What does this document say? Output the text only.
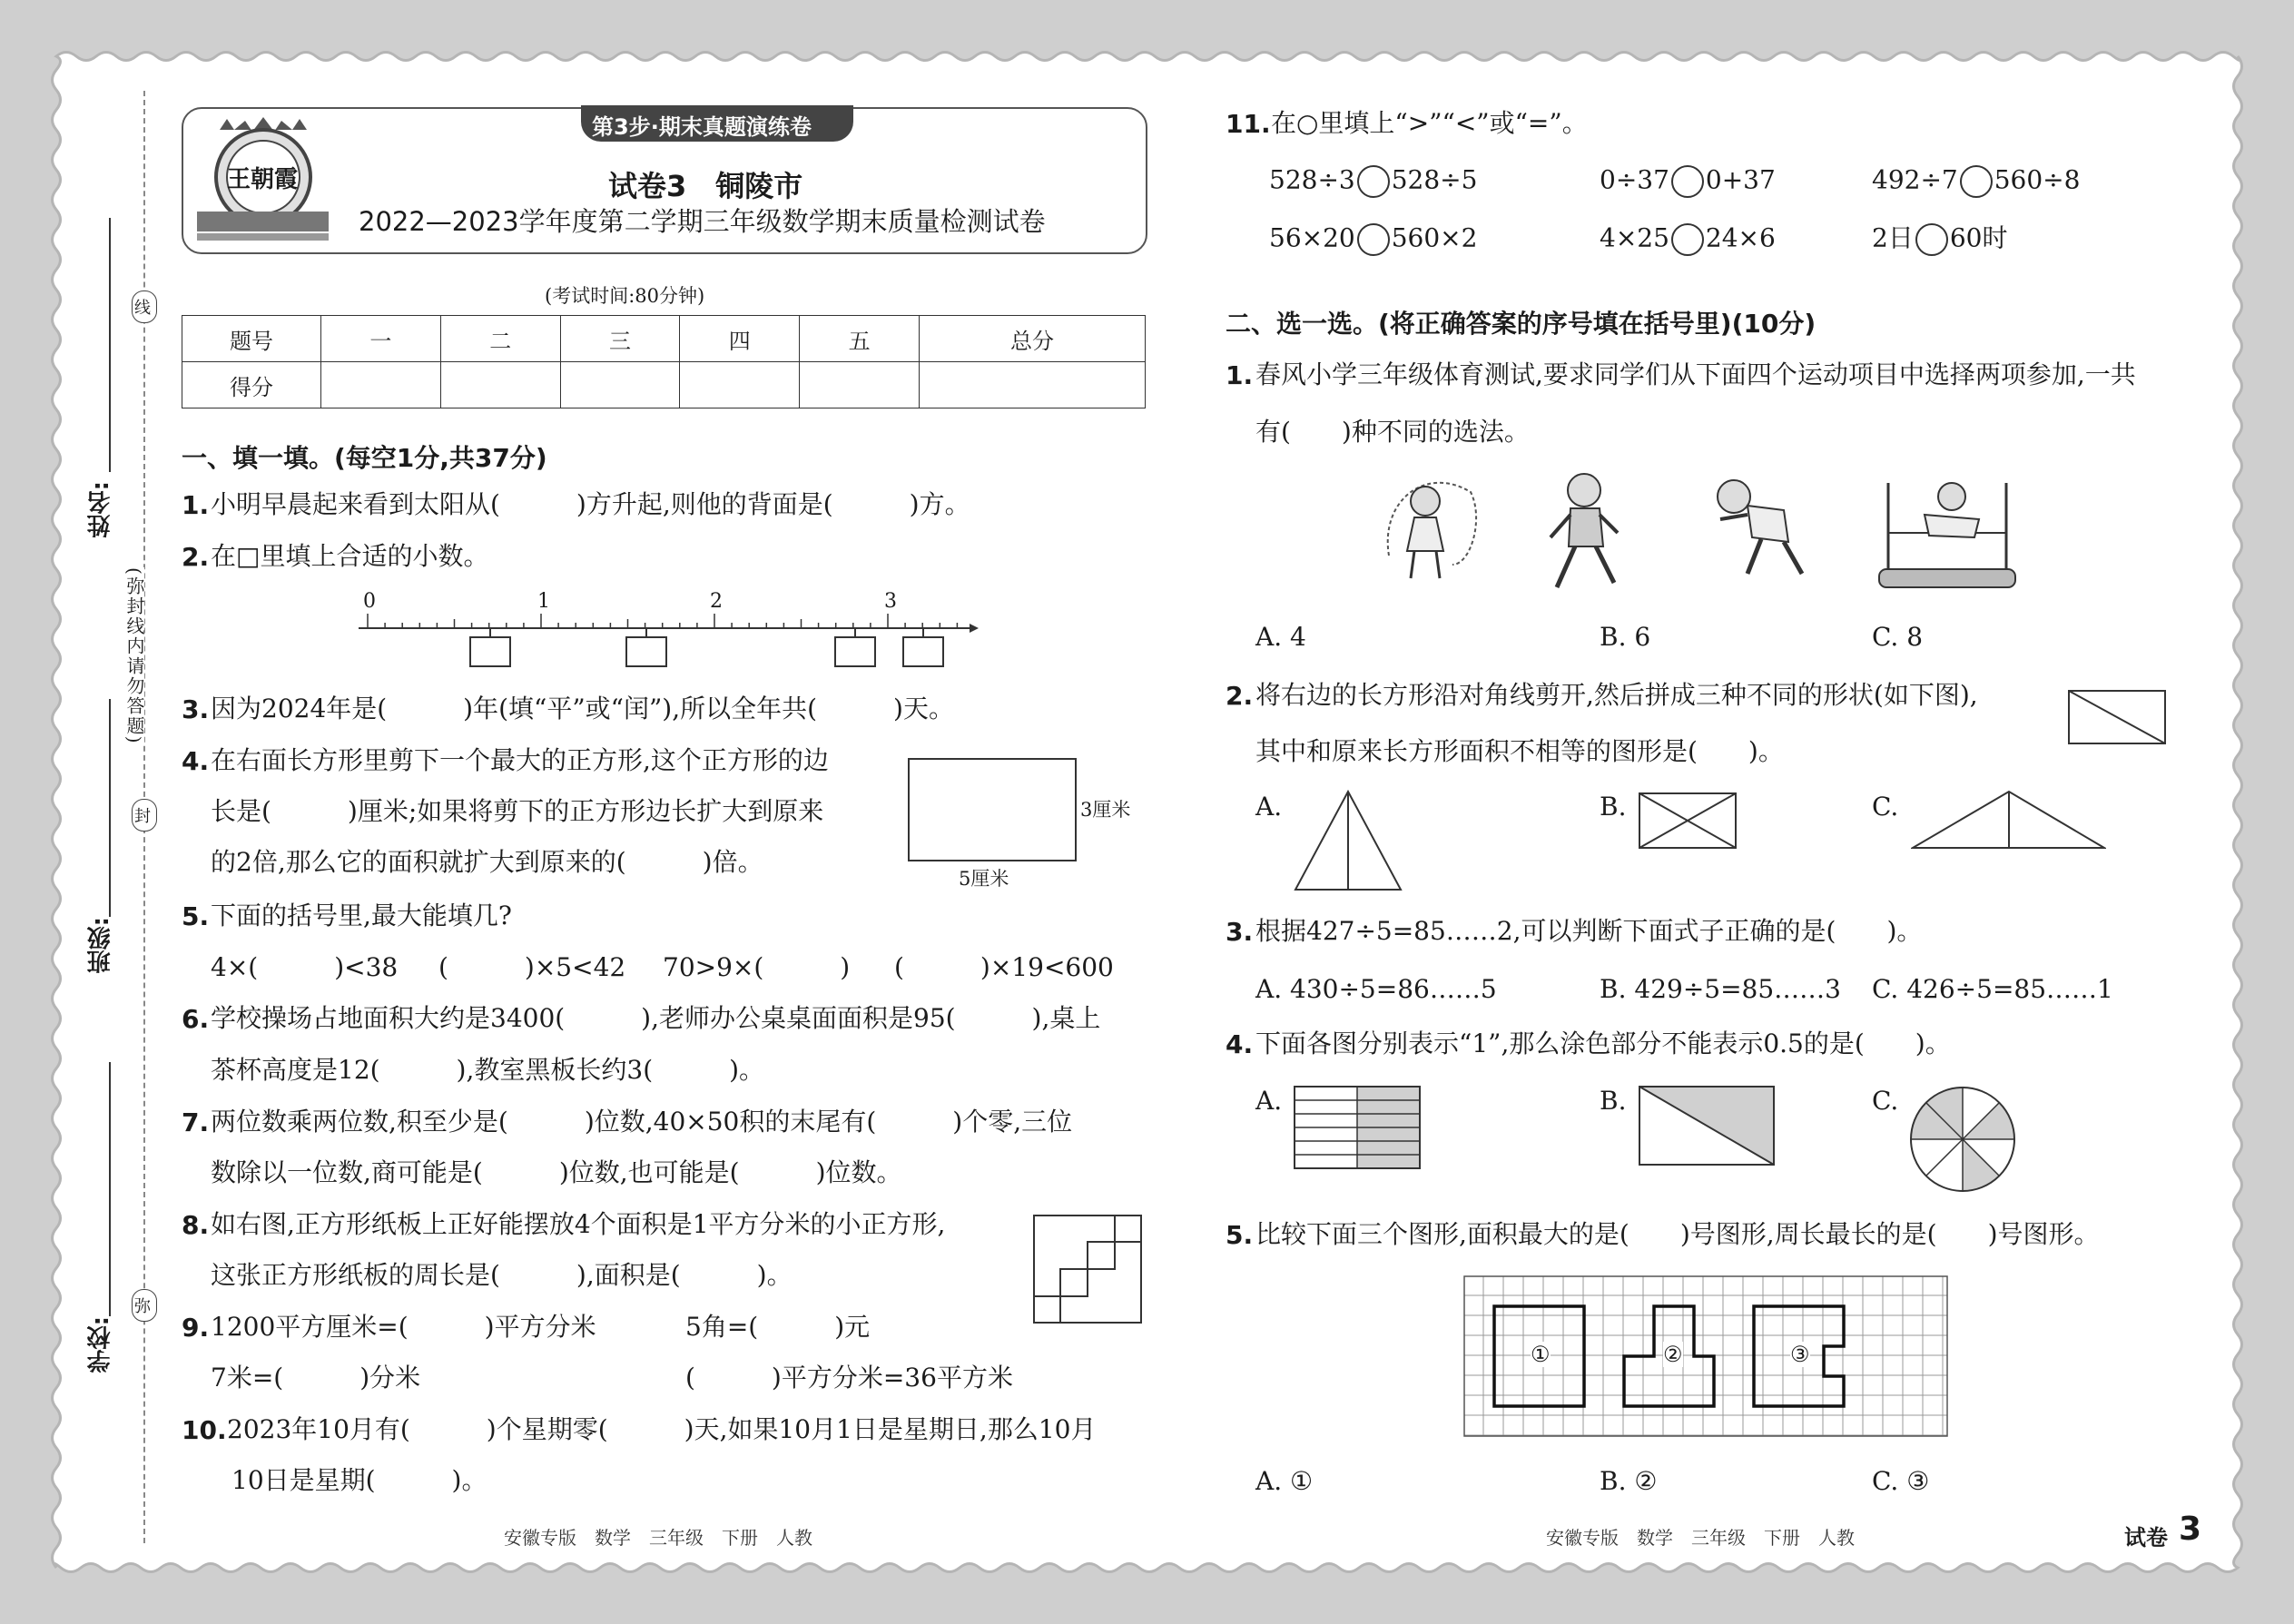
姓名:
班级:
学校:
线
(弥封线内请勿答题)
封
弥
王朝霞
第3步·期末真题演练卷
试卷3　铜陵市
2022—2023学年度第二学期三年级数学期末质量检测试卷
(考试时间:80分钟)
题号	一	二	三	四	五	总分
得分						
一、填一填。(每空1分,共37分)
1. 小明早晨起来看到太阳从(　　　)方升起,则他的背面是(　　　)方。
2. 在□里填上合适的小数。
0	1	2	3
3. 因为2024年是(　　　)年(填“平”或“闰”),所以全年共(　　　)天。
4. 在右面长方形里剪下一个最大的正方形,这个正方形的边
长是(　　　)厘米;如果将剪下的正方形边长扩大到原来
的2倍,那么它的面积就扩大到原来的(　　　)倍。
3厘米
5厘米
5. 下面的括号里,最大能填几?
4×(　　　)<38 (　　　)×5<42 70>9×(　　　) (　　　)×19<600
6. 学校操场占地面积大约是3400(　　　),老师办公桌桌面面积是95(　　　),桌上
茶杯高度是12(　　　),教室黑板长约3(　　　)。
7. 两位数乘两位数,积至少是(　　　)位数,40×50积的末尾有(　　　)个零,三位
数除以一位数,商可能是(　　　)位数,也可能是(　　　)位数。
8. 如右图,正方形纸板上正好能摆放4个面积是1平方分米的小正方形,
这张正方形纸板的周长是(　　　),面积是(　　　)。
9. 1200平方厘米=(　　　)平方分米	5角=(　　　)元
7米=(　　　)分米	(　　　)平方分米=36平方米
10. 2023年10月有(　　　)个星期零(　　　)天,如果10月1日是星期日,那么10月
10日是星期(　　　)。
安徽专版　数学　三年级　下册　人教
11. 在○里填上“>”“<”或“=”。
528÷3 528÷5	0÷37 0+37	492÷7 560÷8
56×20 560×2	4×25 24×6	2日 60时
二、选一选。(将正确答案的序号填在括号里)(10分)
1. 春风小学三年级体育测试,要求同学们从下面四个运动项目中选择两项参加,一共
有(　　)种不同的选法。
A. 4	B. 6	C. 8
2. 将右边的长方形沿对角线剪开,然后拼成三种不同的形状(如下图),
其中和原来长方形面积不相等的图形是(　　)。
A.	B.	C.
3. 根据427÷5=85……2,可以判断下面式子正确的是(　　)。
A. 430÷5=86……5	B. 429÷5=85……3 C. 426÷5=85……1
4. 下面各图分别表示“1”,那么涂色部分不能表示0.5的是(　　)。
A.	B.	C.
5. 比较下面三个图形,面积最大的是(　　)号图形,周长最长的是(　　)号图形。
①	②	③
A. ①	B. ②	C. ③
安徽专版　数学　三年级　下册　人教	试卷 3
